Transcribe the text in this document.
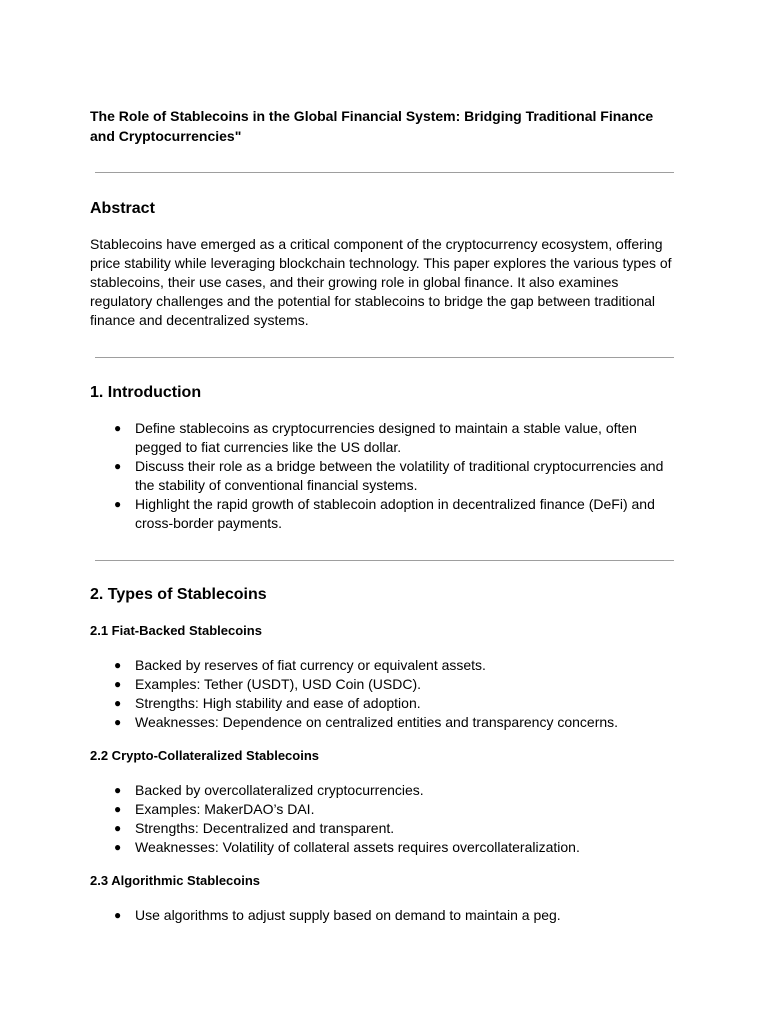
The Role of Stablecoins in the Global Financial System: Bridging Traditional Finance and Cryptocurrencies"

Abstract

Stablecoins have emerged as a critical component of the cryptocurrency ecosystem, offering price stability while leveraging blockchain technology. This paper explores the various types of stablecoins, their use cases, and their growing role in global finance. It also examines regulatory challenges and the potential for stablecoins to bridge the gap between traditional finance and decentralized systems.

1. Introduction
● Define stablecoins as cryptocurrencies designed to maintain a stable value, often pegged to fiat currencies like the US dollar.
● Discuss their role as a bridge between the volatility of traditional cryptocurrencies and the stability of conventional financial systems.
● Highlight the rapid growth of stablecoin adoption in decentralized finance (DeFi) and cross-border payments.
2. Types of Stablecoins
2.1 Fiat-Backed Stablecoins
● Backed by reserves of fiat currency or equivalent assets.
● Examples: Tether (USDT), USD Coin (USDC).
● Strengths: High stability and ease of adoption.
● Weaknesses: Dependence on centralized entities and transparency concerns.
2.2 Crypto-Collateralized Stablecoins
● Backed by overcollateralized cryptocurrencies.
● Examples: MakerDAO’s DAI.
● Strengths: Decentralized and transparent.
● Weaknesses: Volatility of collateral assets requires overcollateralization.
2.3 Algorithmic Stablecoins
● Use algorithms to adjust supply based on demand to maintain a peg.
